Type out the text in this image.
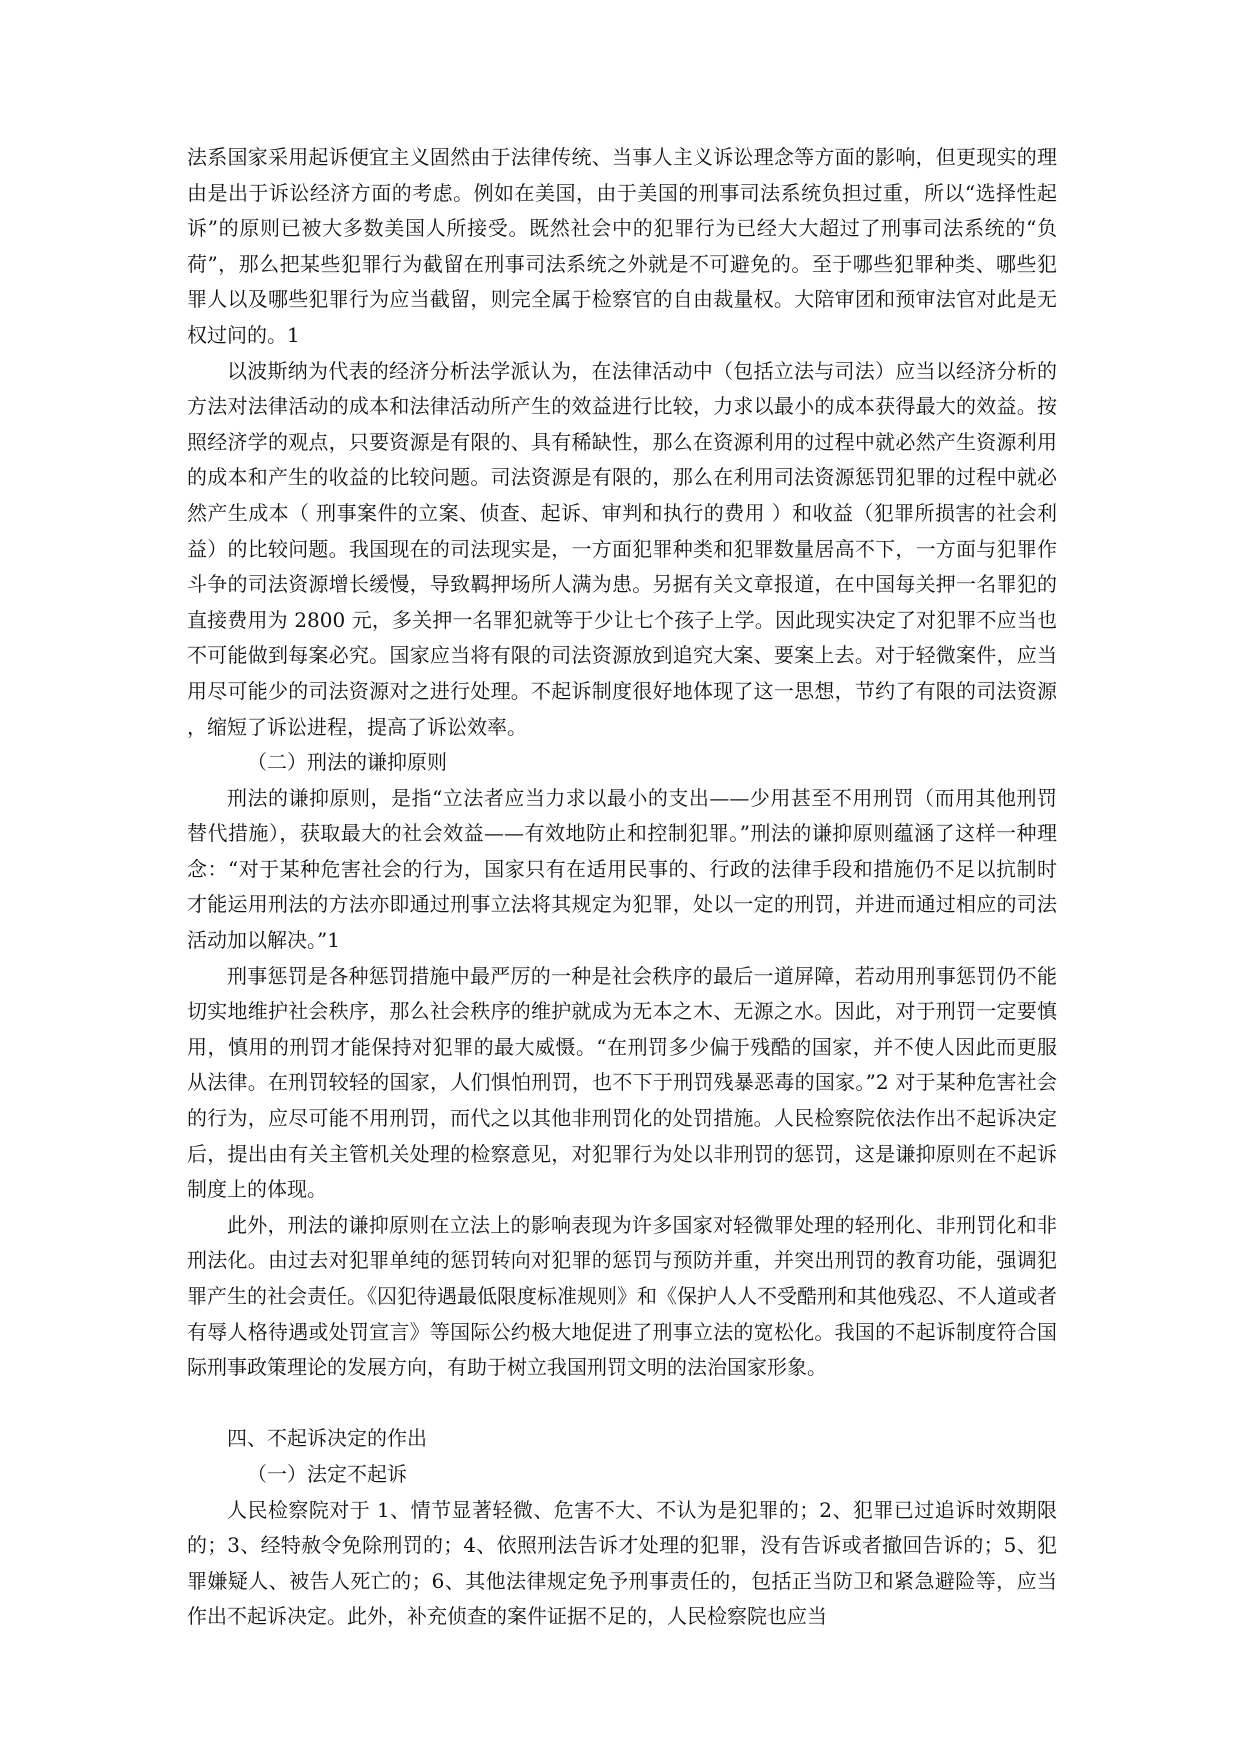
法系国家采用起诉便宜主义固然由于法律传统、当事人主义诉讼理念等方面的影响，但更现实的理由是出于诉讼经济方面的考虑。例如在美国，由于美国的刑事司法系统负担过重，所以“选择性起诉”的原则已被大多数美国人所接受。既然社会中的犯罪行为已经大大超过了刑事司法系统的“负荷”，那么把某些犯罪行为截留在刑事司法系统之外就是不可避免的。至于哪些犯罪种类、哪些犯罪人以及哪些犯罪行为应当截留，则完全属于检察官的自由裁量权。大陪审团和预审法官对此是无权过问的。1

以波斯纳为代表的经济分析法学派认为，在法律活动中（包括立法与司法）应当以经济分析的方法对法律活动的成本和法律活动所产生的效益进行比较，力求以最小的成本获得最大的效益。按照经济学的观点，只要资源是有限的、具有稀缺性，那么在资源利用的过程中就必然产生资源利用的成本和产生的收益的比较问题。司法资源是有限的，那么在利用司法资源惩罚犯罪的过程中就必然产生成本（ 刑事案件的立案、侦查、起诉、审判和执行的费用 ）和收益（犯罪所损害的社会利益）的比较问题。我国现在的司法现实是，一方面犯罪种类和犯罪数量居高不下，一方面与犯罪作斗争的司法资源增长缓慢，导致羁押场所人满为患。另据有关文章报道，在中国每关押一名罪犯的直接费用为 2800 元，多关押一名罪犯就等于少让七个孩子上学。因此现实决定了对犯罪不应当也不可能做到每案必究。国家应当将有限的司法资源放到追究大案、要案上去。对于轻微案件，应当用尽可能少的司法资源对之进行处理。不起诉制度很好地体现了这一思想，节约了有限的司法资源 ，缩短了诉讼进程，提高了诉讼效率。

（二）刑法的谦抑原则

刑法的谦抑原则，是指“立法者应当力求以最小的支出——少用甚至不用刑罚（而用其他刑罚替代措施），获取最大的社会效益——有效地防止和控制犯罪。”刑法的谦抑原则蕴涵了这样一种理念：“对于某种危害社会的行为，国家只有在适用民事的、行政的法律手段和措施仍不足以抗制时才能运用刑法的方法亦即通过刑事立法将其规定为犯罪，处以一定的刑罚，并进而通过相应的司法活动加以解决。”1

刑事惩罚是各种惩罚措施中最严厉的一种是社会秩序的最后一道屏障，若动用刑事惩罚仍不能切实地维护社会秩序，那么社会秩序的维护就成为无本之木、无源之水。因此，对于刑罚一定要慎用，慎用的刑罚才能保持对犯罪的最大威慑。“在刑罚多少偏于残酷的国家，并不使人因此而更服从法律。在刑罚较轻的国家，人们惧怕刑罚，也不下于刑罚残暴恶毒的国家。”2 对于某种危害社会的行为，应尽可能不用刑罚，而代之以其他非刑罚化的处罚措施。人民检察院依法作出不起诉决定后，提出由有关主管机关处理的检察意见，对犯罪行为处以非刑罚的惩罚，这是谦抑原则在不起诉制度上的体现。

此外，刑法的谦抑原则在立法上的影响表现为许多国家对轻微罪处理的轻刑化、非刑罚化和非刑法化。由过去对犯罪单纯的惩罚转向对犯罪的惩罚与预防并重，并突出刑罚的教育功能，强调犯罪产生的社会责任。《囚犯待遇最低限度标准规则》和《保护人人不受酷刑和其他残忍、不人道或者有辱人格待遇或处罚宣言》等国际公约极大地促进了刑事立法的宽松化。我国的不起诉制度符合国际刑事政策理论的发展方向，有助于树立我国刑罚文明的法治国家形象。

四、不起诉决定的作出

（一）法定不起诉

人民检察院对于 1、情节显著轻微、危害不大、不认为是犯罪的；2、犯罪已过追诉时效期限的；3、经特赦令免除刑罚的；4、依照刑法告诉才处理的犯罪，没有告诉或者撤回告诉的；5、犯罪嫌疑人、被告人死亡的；6、其他法律规定免予刑事责任的，包括正当防卫和紧急避险等，应当作出不起诉决定。此外，补充侦查的案件证据不足的，人民检察院也应当
